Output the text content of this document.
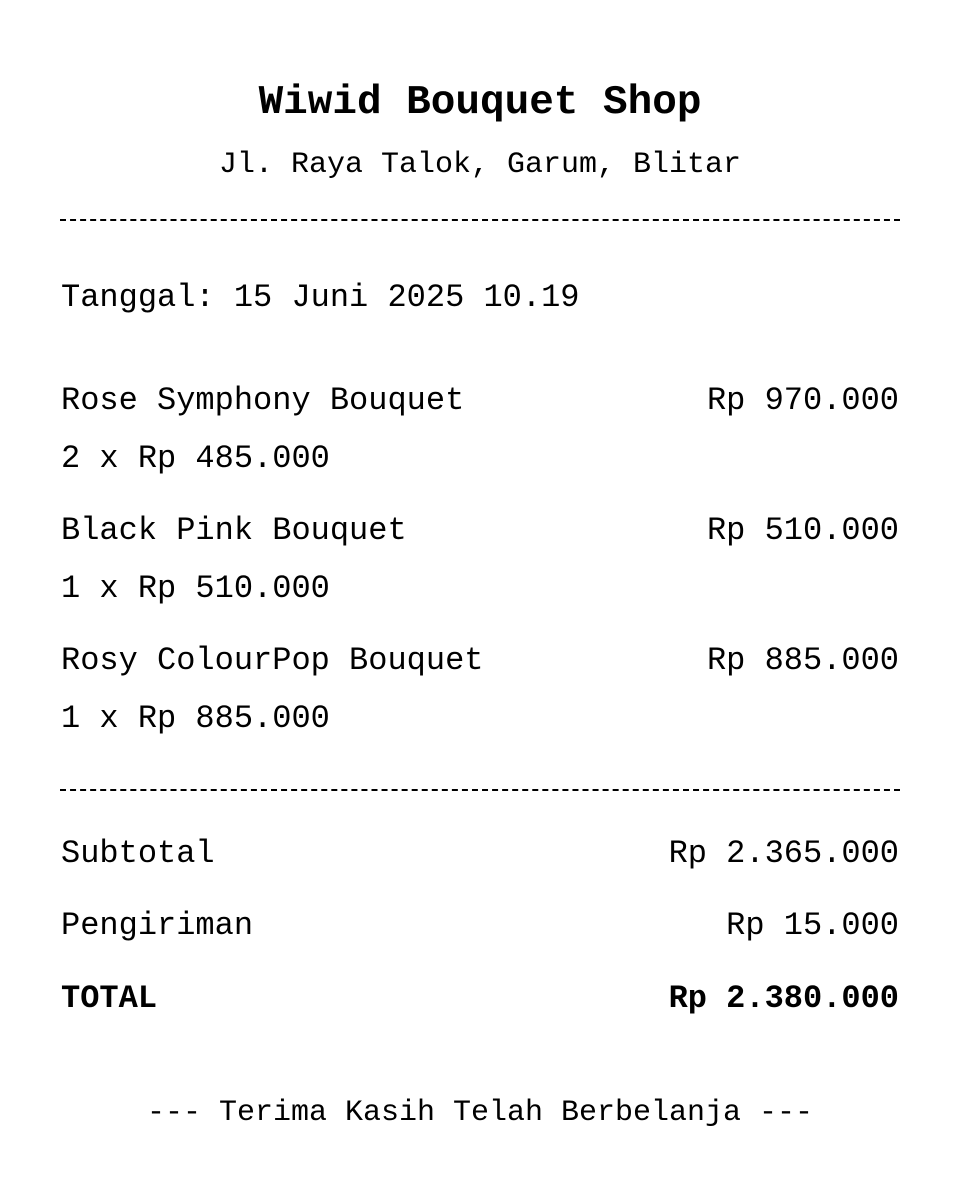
Wiwid Bouquet Shop
Jl. Raya Talok, Garum, Blitar
Tanggal: 15 Juni 2025 10.19
Rose Symphony Bouquet	Rp 970.000
2 x Rp 485.000
Black Pink Bouquet	Rp 510.000
1 x Rp 510.000
Rosy ColourPop Bouquet	Rp 885.000
1 x Rp 885.000
Subtotal	Rp 2.365.000
Pengiriman	Rp 15.000
TOTAL	Rp 2.380.000
--- Terima Kasih Telah Berbelanja ---
